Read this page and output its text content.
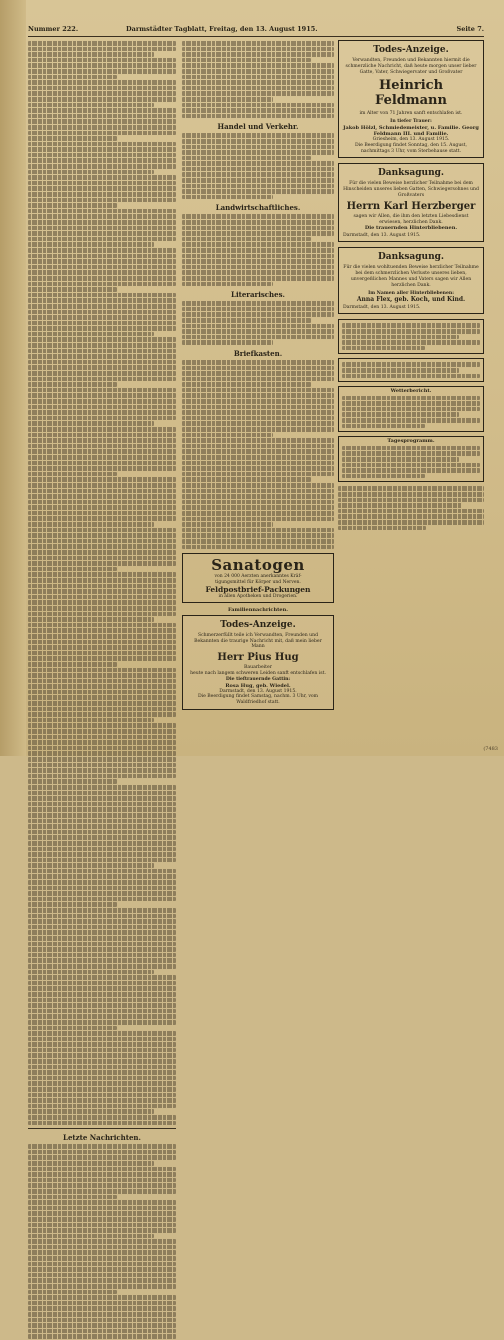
Nummer 222.	Darmstädter Tagblatt, Freitag, den 13. August 1915.	Seite 7.
Letzte Nachrichten.
Handel und Verkehr.
Landwirtschaftliches.
Literarisches.
Briefkasten.
Sanatogen
von 24 000 Aerzten anerkanntes Kräf-
tigungsmittel für Körper und Nerven.
Feldpostbrief-Packungen
in allen Apotheken und Drogerien.
Familiennachrichten.
Todes-Anzeige.
Schmerzerfüllt teile ich Verwandten, Freunden und Bekannten die traurige Nachricht mit, daß mein lieber Mann
Herr Pius Hug
Bauarbeiter
heute nach langem schweren Leiden sanft entschlafen ist.
Die tieftrauernde Gattin:
Rosa Hug, geb. Wiedel.
Darmstadt, den 13. August 1915.
Die Beerdigung findet Samstag, nachm. 3 Uhr, vom Waldfriedhof statt.
Todes-Anzeige.
Verwandten, Freunden und Bekannten hiermit die schmerzliche Nachricht, daß heute morgen unser lieber Gatte, Vater, Schwiegervater und Großvater
Heinrich Feldmann
im Alter von 71 Jahren sanft entschlafen ist.
In tiefer Trauer:
Jakob Hölzl, Schmiedemeister, u. Familie. Georg Feldmann III. und Familie.
Griesheim, den 13. August 1915.
Die Beerdigung findet Sonntag, den 15. August, nachmittags 3 Uhr, vom Sterbehause statt.
Danksagung.
Für die vielen Beweise herzlicher Teilnahme bei dem Hinscheiden unseres lieben Gatten, Schwiegersohnes und Großvaters
Herrn Karl Herzberger
sagen wir Allen, die ihm den letzten Liebesdienst erwiesen, herzlichen Dank.
Die trauernden Hinterbliebenen.
Darmstadt, den 13. August 1915.
Danksagung.
Für die vielen wohltuenden Beweise herzlicher Teilnahme bei dem schmerzlichen Verluste unseres lieben, unvergeßlichen Mannes und Vaters sagen wir Allen herzlichen Dank.
Im Namen aller Hinterbliebenen:
Anna Flex, geb. Koch, und Kind.
Darmstadt, den 13. August 1915.
Wetterbericht.
Tagesprogramm.
(7483
